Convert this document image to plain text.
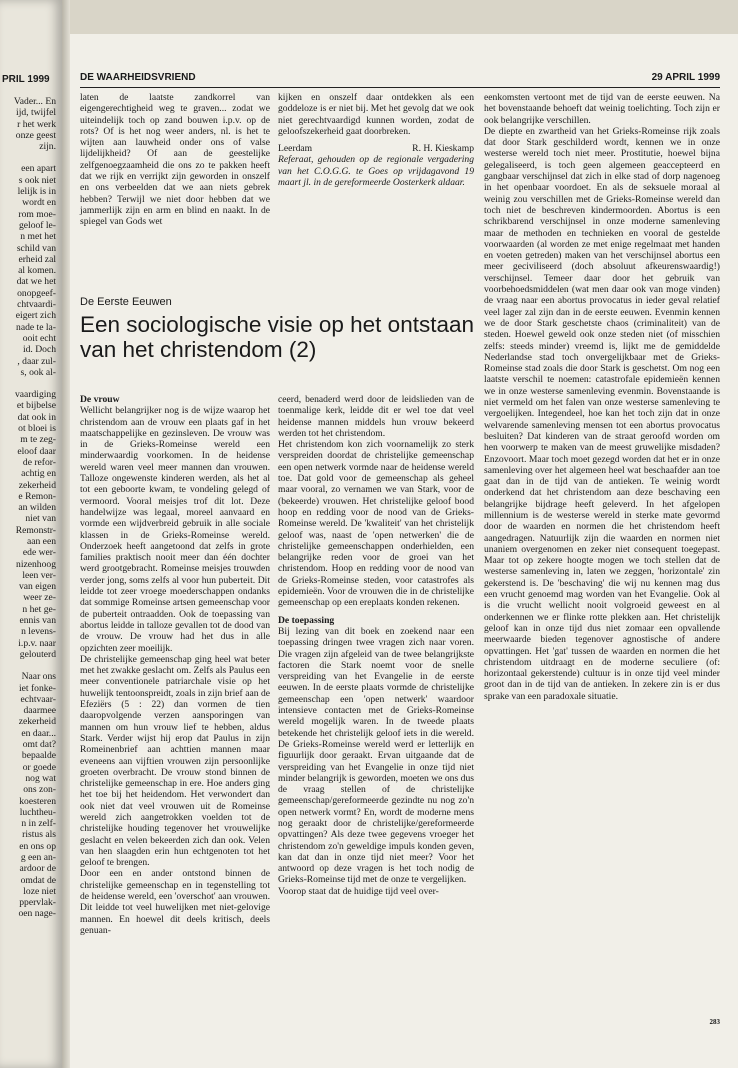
PRIL 1999
Vader... En
ijd, twijfel
r het werk
onze geest
zijn.
een apart
s ook niet
lelijk is in
wordt en
rom moe-
geloof le-
n met het
schild van
erheid zal
al komen.
dat we het
onopgeef-
chtvaardi-
eigert zich
nade te la-
ooit echt
id. Doch
, daar zul-
s, ook al-
vaardiging
et bijbelse
dat ook in
ot bloei is
m te zeg-
eloof daar
de refor-
achtig en
zekerheid
e Remon-
an wilden
niet van
Remonstr-
aan een
ede wer-
nizenhoog
leen ver-
van eigen
weer ze-
n het ge-
ennis van
n levens-
i.p.v. naar
gelouterd
Naar ons
iet fonke-
echtvaar-
daarmee
zekerheid
en daar...
omt dat?
bepaalde
or goede
nog wat
ons zon-
koesteren
luchtheu-
n in zelf-
ristus als
en ons op
g een an-
ardoor de
omdat de
loze niet
ppervlak-
oen nage-
DE WAARHEIDSVRIEND	29 APRIL 1999

laten de laatste zandkorrel van eigengerechtigheid weg te graven... zodat we uiteindelijk toch op zand bouwen i.p.v. op de rots? Of is het nog weer anders, nl. is het te wijten aan lauwheid onder ons of valse lijdelijkheid? Of aan de geestelijke zelfgenoegzaamheid die ons zo te pakken heeft dat we rijk en verrijkt zijn geworden in onszelf en ons verbeelden dat we aan niets gebrek hebben? Terwijl we niet door hebben dat we jammerlijk zijn en arm en blind en naakt. In de spiegel van Gods wet

kijken en onszelf daar ontdekken als een goddeloze is er niet bij. Met het gevolg dat we ook niet gerechtvaardigd kunnen worden, zodat de geloofszekerheid gaat doorbreken.

Leerdam	R. H. Kieskamp

Referaat, gehouden op de regionale vergadering van het C.O.G.G. te Goes op vrijdagavond 19 maart jl. in de gereformeerde Oosterkerk aldaar.

De Eerste Eeuwen
Een sociologische visie op het ontstaan van het christendom (2)

De vrouw

Wellicht belangrijker nog is de wijze waarop het christendom aan de vrouw een plaats gaf in het maatschappelijke en gezinsleven. De vrouw was in de Grieks-Romeinse wereld een minderwaardig voorkomen. In de heidense wereld waren veel meer mannen dan vrouwen. Talloze ongewenste kinderen werden, als het al tot een geboorte kwam, te vondeling gelegd of vermoord. Vooral meisjes trof dit lot. Deze handelwijze was legaal, moreel aanvaard en vormde een wijdverbreid gebruik in alle sociale klassen in de Grieks-Romeinse wereld. Onderzoek heeft aangetoond dat zelfs in grote families praktisch nooit meer dan één dochter werd grootgebracht. Romeinse meisjes trouwden verder jong, soms zelfs al voor hun puberteit. Dit leidde tot zeer vroege moederschappen ondanks dat sommige Romeinse artsen gemeenschap voor de puberteit ontraadden. Ook de toepassing van abortus leidde in talloze gevallen tot de dood van de vrouw. De vrouw had het dus in alle opzichten zeer moeilijk.

De christelijke gemeenschap ging heel wat beter met het zwakke geslacht om. Zelfs als Paulus een meer conventionele patriarchale visie op het huwelijk tentoonspreidt, zoals in zijn brief aan de Efeziërs (5 : 22) dan vormen de tien daaropvolgende verzen aansporingen van mannen om hun vrouw lief te hebben, aldus Stark. Verder wijst hij erop dat Paulus in zijn Romeinenbrief aan achttien mannen maar eveneens aan vijftien vrouwen zijn persoonlijke groeten overbracht. De vrouw stond binnen de christelijke gemeenschap in ere. Hoe anders ging het toe bij het heidendom. Het verwondert dan ook niet dat veel vrouwen uit de Romeinse wereld zich aangetrokken voelden tot de christelijke houding tegenover het vrouwelijke geslacht en velen bekeerden zich dan ook. Velen van hen slaagden erin hun echtgenoten tot het geloof te brengen.

Door een en ander ontstond binnen de christelijke gemeenschap en in tegenstelling tot de heidense wereld, een 'overschot' aan vrouwen. Dit leidde tot veel huwelijken met niet-gelovige mannen. En hoewel dit deels kritisch, deels genuan-

ceerd, benaderd werd door de leidslieden van de toenmalige kerk, leidde dit er wel toe dat veel heidense mannen middels hun vrouw bekeerd werden tot het christendom.

Het christendom kon zich voornamelijk zo sterk verspreiden doordat de christelijke gemeenschap een open netwerk vormde naar de heidense wereld toe. Dat gold voor de gemeenschap als geheel maar vooral, zo vernamen we van Stark, voor de (bekeerde) vrouwen. Het christelijke geloof bood hoop en redding voor de nood van de Grieks-Romeinse wereld. De 'kwaliteit' van het christelijk geloof was, naast de 'open netwerken' die de christelijke gemeenschappen onderhielden, een belangrijke reden voor de groei van het christendom. Hoop en redding voor de nood van de Grieks-Romeinse steden, voor catastrofes als epidemieën. Voor de vrouwen die in de christelijke gemeenschap op een ereplaats konden rekenen.

De toepassing

Bij lezing van dit boek en zoekend naar een toepassing dringen twee vragen zich naar voren. Die vragen zijn afgeleid van de twee belangrijkste factoren die Stark noemt voor de snelle verspreiding van het Evangelie in de eerste eeuwen. In de eerste plaats vormde de christelijke gemeenschap een 'open netwerk' waardoor intensieve contacten met de Grieks-Romeinse wereld mogelijk waren. In de tweede plaats betekende het christelijk geloof iets in die wereld. De Grieks-Romeinse wereld werd er letterlijk en figuurlijk door geraakt. Ervan uitgaande dat de verspreiding van het Evangelie in onze tijd niet minder belangrijk is geworden, moeten we ons dus de vraag stellen of de christelijke gemeenschap/gereformeerde gezindte nu nog zo'n open netwerk vormt? En, wordt de moderne mens nog geraakt door de christelijke/gereformeerde opvattingen? Als deze twee gegevens vroeger het christendom zo'n geweldige impuls konden geven, kan dat dan in onze tijd niet meer? Voor het antwoord op deze vragen is het toch nodig de Grieks-Romeinse tijd met de onze te vergelijken.

Voorop staat dat de huidige tijd veel over-

eenkomsten vertoont met de tijd van de eerste eeuwen. Na het bovenstaande behoeft dat weinig toelichting. Toch zijn er ook belangrijke verschillen.

De diepte en zwartheid van het Grieks-Romeinse rijk zoals dat door Stark geschilderd wordt, kennen we in onze westerse wereld toch niet meer. Prostitutie, hoewel bijna gelegaliseerd, is toch geen algemeen geaccepteerd en gangbaar verschijnsel dat zich in elke stad of dorp nagenoeg in het openbaar voordoet. En als de seksuele moraal al weinig zou verschillen met de Grieks-Romeinse wereld dan toch niet de beschreven kindermoorden. Abortus is een schrikbarend verschijnsel in onze moderne samenleving maar de methoden en technieken en vooral de gestelde voorwaarden (al worden ze met enige regelmaat met handen en voeten getreden) maken van het verschijnsel abortus een meer geciviliseerd (doch absoluut afkeurenswaardig!) verschijnsel. Temeer daar door het gebruik van voorbehoedsmiddelen (wat men daar ook van moge vinden) de vraag naar een abortus provocatus in ieder geval relatief veel lager zal zijn dan in de eerste eeuwen. Evenmin kennen we de door Stark geschetste chaos (criminaliteit) van de steden. Hoewel geweld ook onze steden niet (of misschien zelfs: steeds minder) vreemd is, lijkt me de gemiddelde Nederlandse stad toch onvergelijkbaar met de Grieks-Romeinse stad zoals die door Stark is geschetst. Om nog een laatste verschil te noemen: catastrofale epidemieën kennen we in onze westerse samenleving evenmin. Bovenstaande is niet vermeld om het falen van onze westerse samenleving te vergoelijken. Integendeel, hoe kan het toch zijn dat in onze welvarende samenleving mensen tot een abortus provocatus besluiten? Dat kinderen van de straat geroofd worden om hen voorwerp te maken van de meest gruwelijke misdaden? Enzovoort. Maar toch moet gezegd worden dat het er in onze samenleving over het algemeen heel wat beschaafder aan toe gaat dan in de tijd van de antieken. Te weinig wordt onderkend dat het christendom aan deze beschaving een belangrijke bijdrage heeft geleverd. In het afgelopen millennium is de westerse wereld in sterke mate gevormd door de waarden en normen die het christendom heeft aangedragen. Natuurlijk zijn die waarden en normen niet unaniem overgenomen en zeker niet consequent toegepast. Maar tot op zekere hoogte mogen we toch stellen dat de westerse samenleving in, laten we zeggen, 'horizontale' zin gekerstend is. De 'beschaving' die wij nu kennen mag dus een vrucht genoemd mag worden van het Evangelie. Ook al is die vrucht wellicht nooit volgroeid geweest en al onderkennen we er flinke rotte plekken aan. Het christelijk geloof kan in onze tijd dus niet zomaar een opvallende meerwaarde bieden tegenover agnostische of andere opvattingen. Het 'gat' tussen de waarden en normen die het christendom uitdraagt en de moderne seculiere (of: horizontaal gekerstende) cultuur is in onze tijd veel minder groot dan in de tijd van de antieken. In zekere zin is er dus sprake van een paradoxale situatie.

283
